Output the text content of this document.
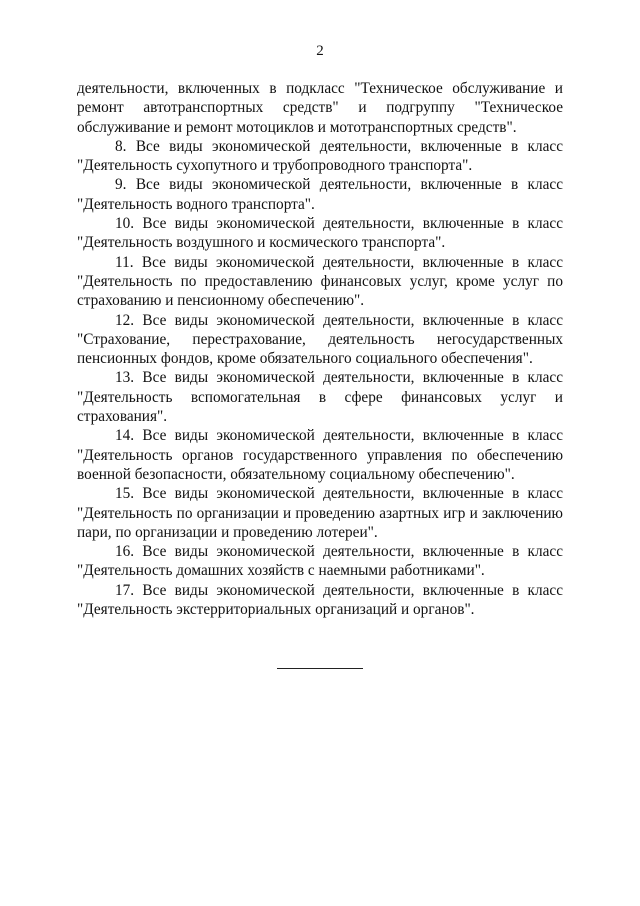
2

деятельности, включенных в подкласс "Техническое обслуживание и ремонт автотранспортных средств" и подгруппу "Техническое обслуживание и ремонт мотоциклов и мототранспортных средств".

8. Все виды экономической деятельности, включенные в класс "Деятельность сухопутного и трубопроводного транспорта".

9. Все виды экономической деятельности, включенные в класс "Деятельность водного транспорта".

10. Все виды экономической деятельности, включенные в класс "Деятельность воздушного и космического транспорта".

11. Все виды экономической деятельности, включенные в класс "Деятельность по предоставлению финансовых услуг, кроме услуг по страхованию и пенсионному обеспечению".

12. Все виды экономической деятельности, включенные в класс "Страхование, перестрахование, деятельность негосударственных пенсионных фондов, кроме обязательного социального обеспечения".

13. Все виды экономической деятельности, включенные в класс "Деятельность вспомогательная в сфере финансовых услуг и страхования".

14. Все виды экономической деятельности, включенные в класс "Деятельность органов государственного управления по обеспечению военной безопасности, обязательному социальному обеспечению".

15. Все виды экономической деятельности, включенные в класс "Деятельность по организации и проведению азартных игр и заключению пари, по организации и проведению лотереи".

16. Все виды экономической деятельности, включенные в класс "Деятельность домашних хозяйств с наемными работниками".

17. Все виды экономической деятельности, включенные в класс "Деятельность экстерриториальных организаций и органов".
